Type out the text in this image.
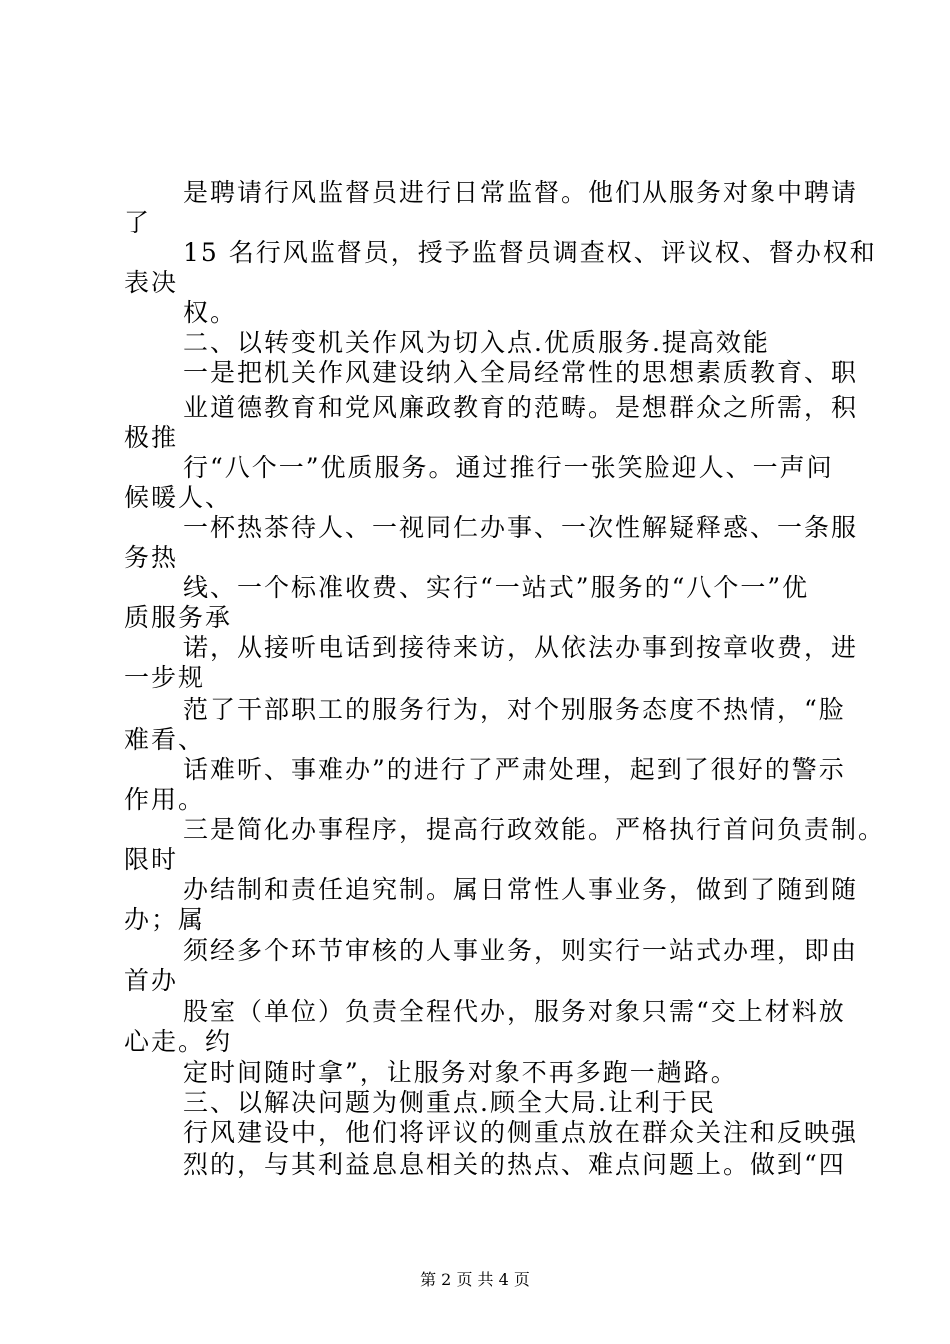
是聘请行风监督员进行日常监督。他们从服务对象中聘请
了
15 名行风监督员，授予监督员调查权、评议权、督办权和
表决
权。
二、以转变机关作风为切入点.优质服务.提高效能
一是把机关作风建设纳入全局经常性的思想素质教育、职
业道德教育和党风廉政教育的范畴。是想群众之所需，积
极推
行“八个一”优质服务。通过推行一张笑脸迎人、一声问
候暖人、
一杯热茶待人、一视同仁办事、一次性解疑释惑、一条服
务热
线、一个标准收费、实行“一站式”服务的“八个一”优
质服务承
诺，从接听电话到接待来访，从依法办事到按章收费，进
一步规
范了干部职工的服务行为，对个别服务态度不热情，“脸
难看、
话难听、事难办”的进行了严肃处理，起到了很好的警示
作用。
三是简化办事程序，提高行政效能。严格执行首问负责制。
限时
办结制和责任追究制。属日常性人事业务，做到了随到随
办；属
须经多个环节审核的人事业务，则实行一站式办理，即由
首办
股室（单位）负责全程代办，服务对象只需“交上材料放
心走。约
定时间随时拿”，让服务对象不再多跑一趟路。
三、以解决问题为侧重点.顾全大局.让利于民
行风建设中，他们将评议的侧重点放在群众关注和反映强
烈的，与其利益息息相关的热点、难点问题上。做到“四
第 2 页 共 4 页
